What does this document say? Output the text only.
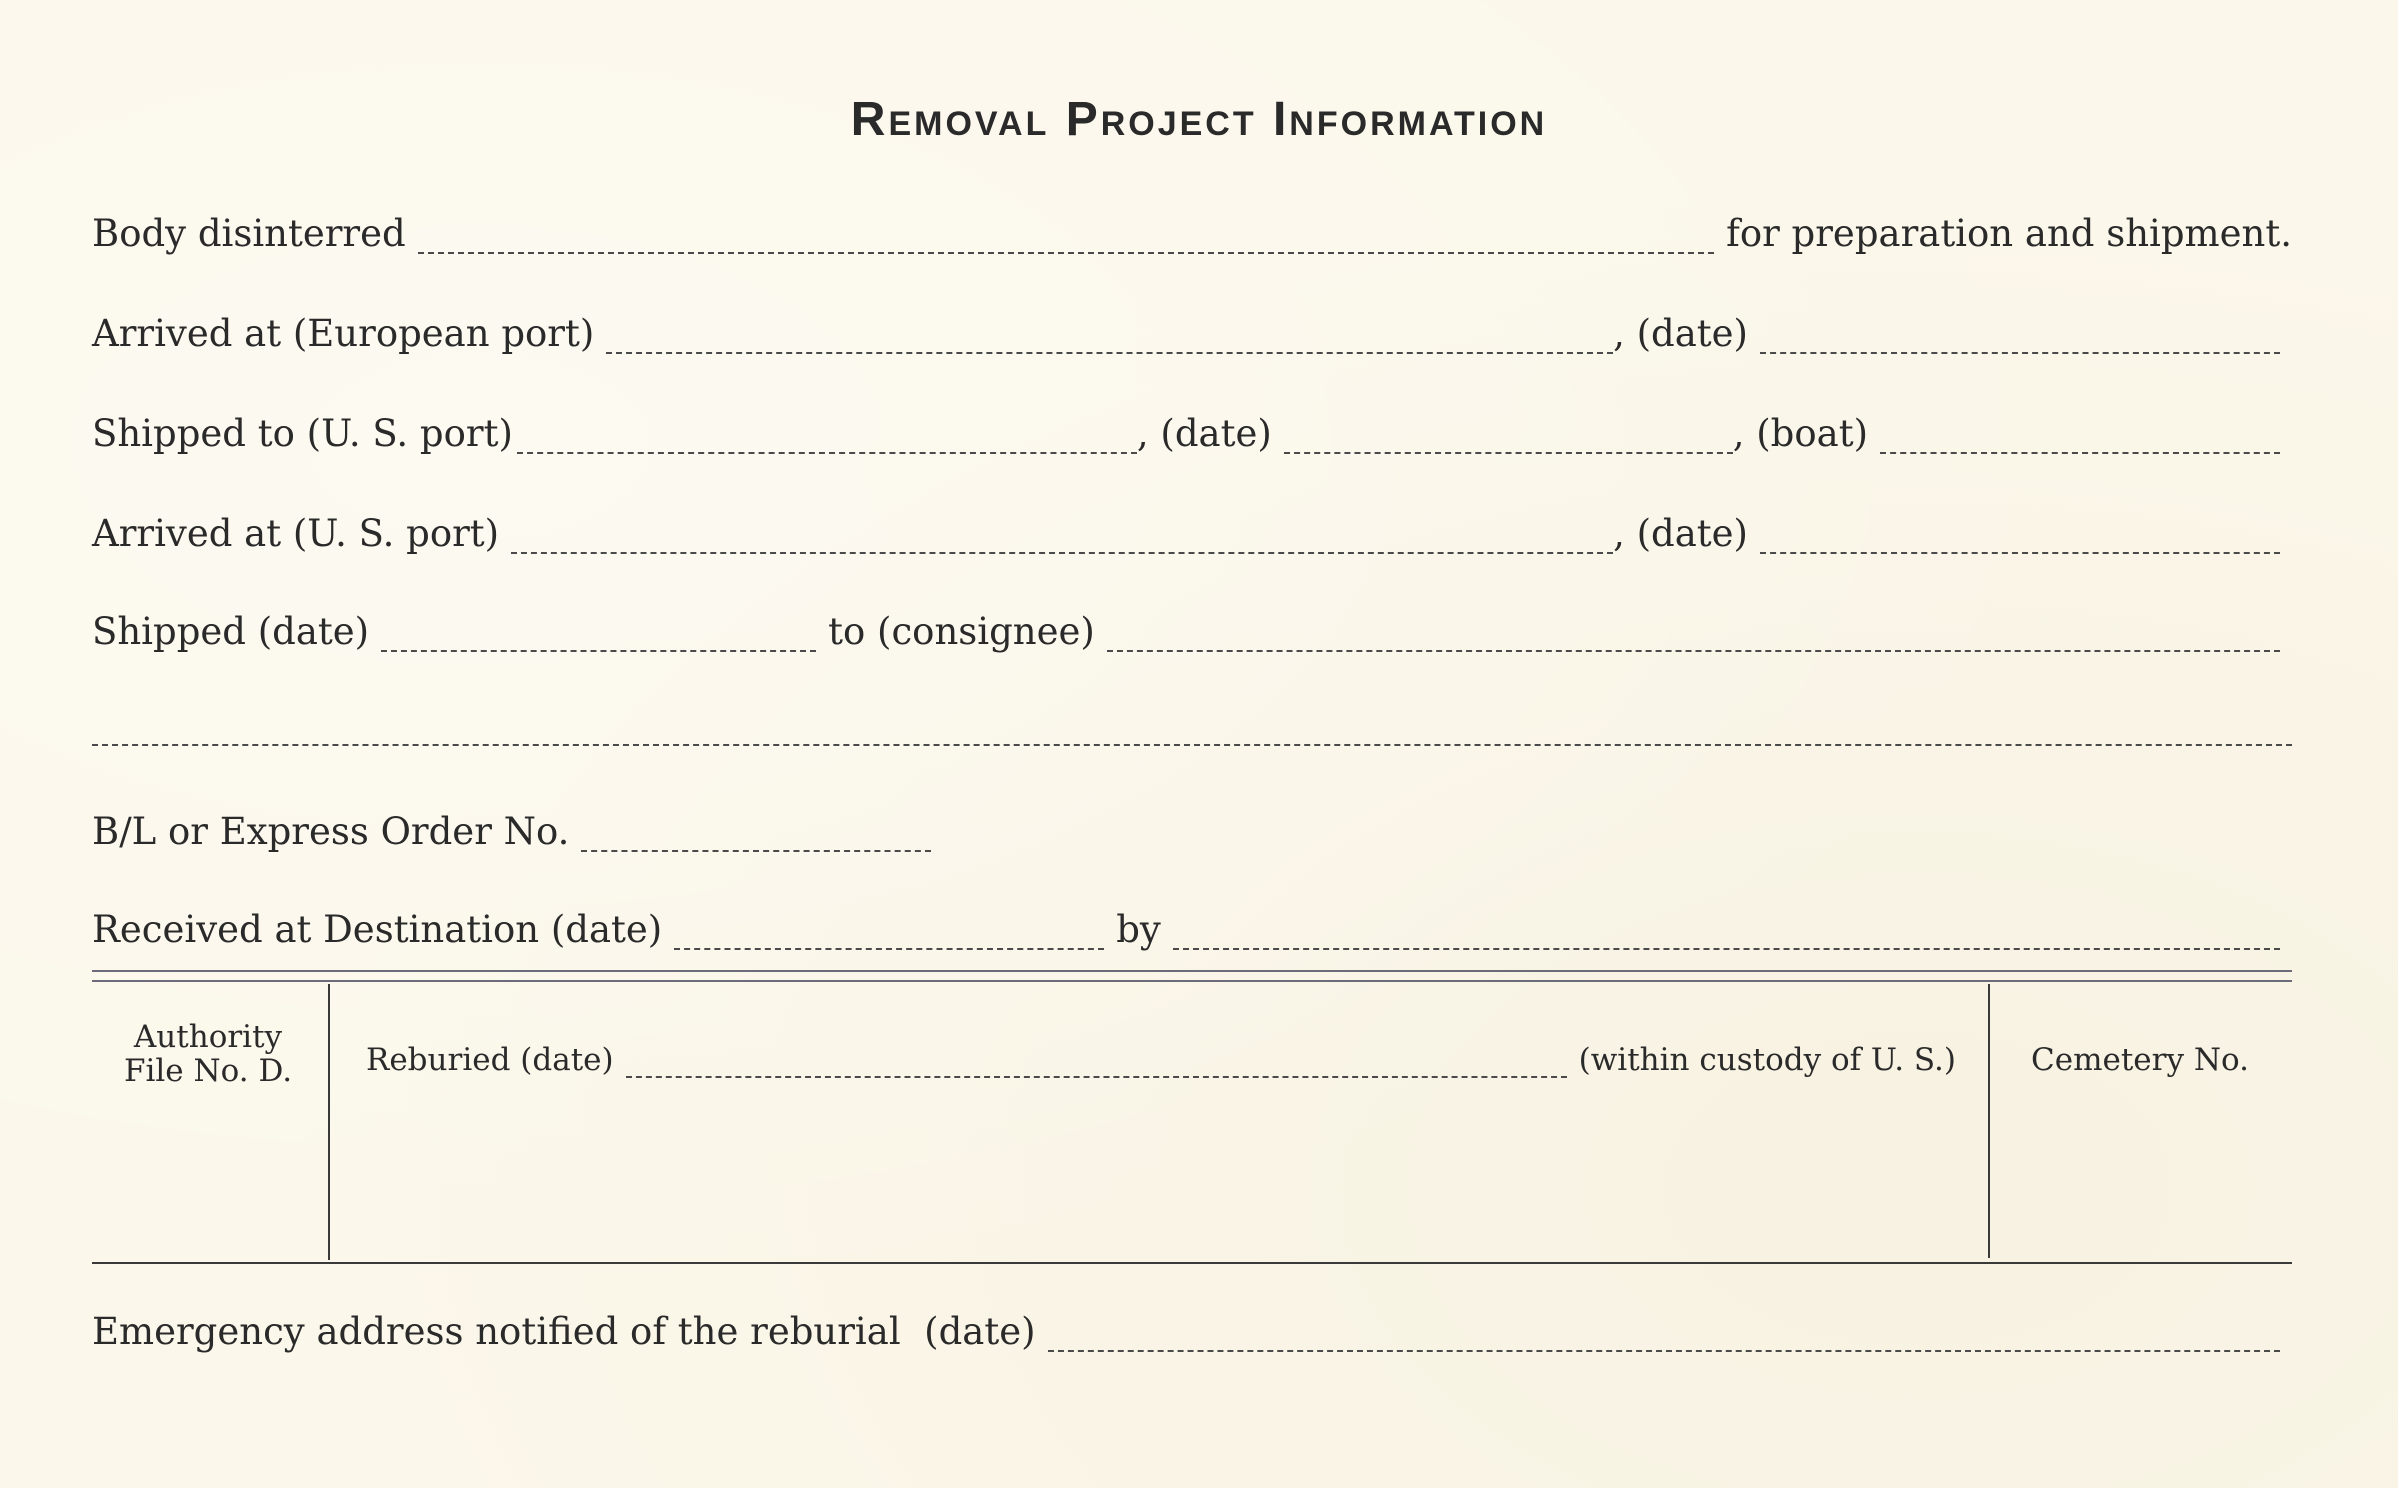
Removal Project Information
Body disinterred	for preparation and shipment.
Arrived at (European port)	, (date)
Shipped to (U. S. port)	, (date)	, (boat)
Arrived at (U. S. port)	, (date)
Shipped (date)	to (consignee)
B/L or Express Order No.
Received at Destination (date)	by
Authority
File No. D.	Reburied (date)	(within custody of U. S.)	Cemetery No.
Emergency address notified of the reburial  (date)
